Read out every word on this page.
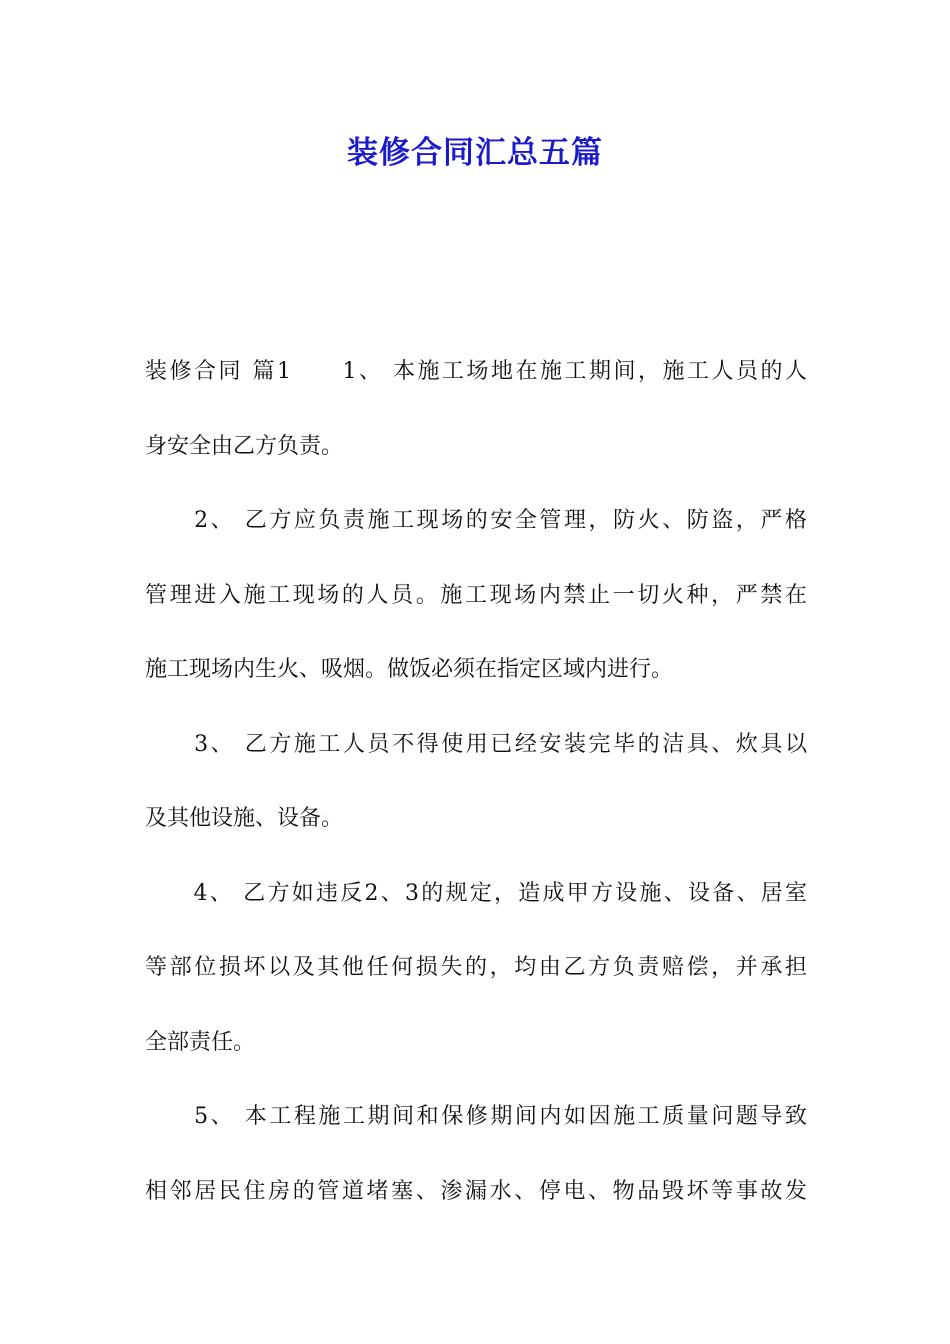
装修合同汇总五篇
装修合同 篇1　　1、 本施工场地在施工期间，施工人员的人
身安全由乙方负责。
　　2、 乙方应负责施工现场的安全管理，防火、防盗，严格
管理进入施工现场的人员。施工现场内禁止一切火种，严禁在
施工现场内生火、吸烟。做饭必须在指定区域内进行。
　　3、 乙方施工人员不得使用已经安装完毕的洁具、炊具以
及其他设施、设备。
　　4、 乙方如违反2、3的规定，造成甲方设施、设备、居室
等部位损坏以及其他任何损失的，均由乙方负责赔偿，并承担
全部责任。
　　5、 本工程施工期间和保修期间内如因施工质量问题导致
相邻居民住房的管道堵塞、渗漏水、停电、物品毁坏等事故发
